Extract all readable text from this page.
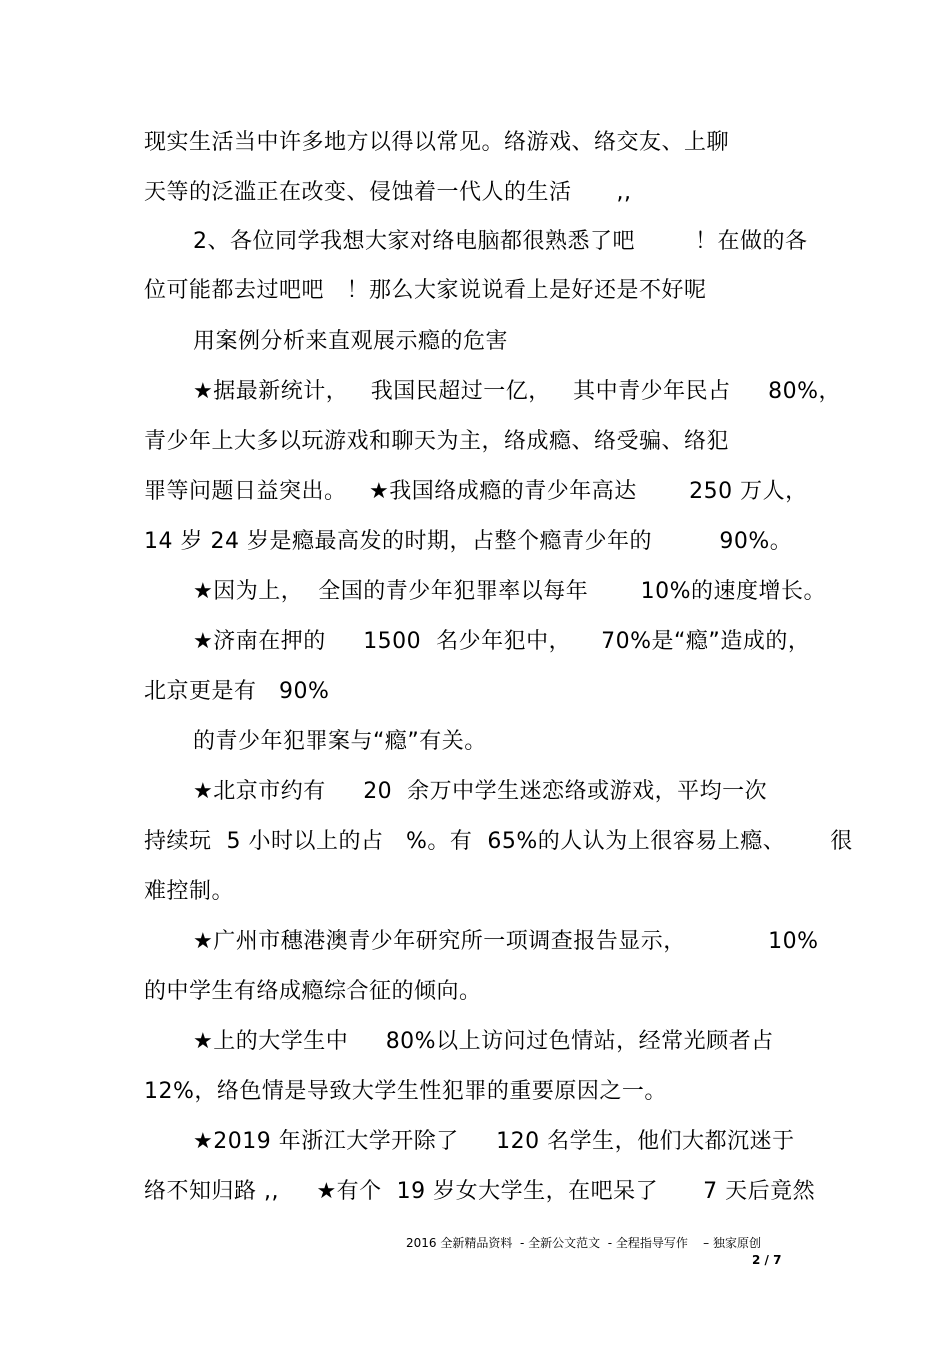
现实生活当中许多地方以得以常见。络游戏、络交友、上聊
天等的泛滥正在改变、侵蚀着一代人的生活      ,,
2、各位同学我想大家对络电脑都很熟悉了吧        ！在做的各
位可能都去过吧吧   ！那么大家说说看上是好还是不好呢
用案例分析来直观展示瘾的危害
★据最新统计，   我国民超过一亿，   其中青少年民占     80%，
青少年上大多以玩游戏和聊天为主，络成瘾、络受骗、络犯
罪等问题日益突出。   ★我国络成瘾的青少年高达       250 万人，
14 岁 24 岁是瘾最高发的时期，占整个瘾青少年的         90%。
★因为上，  全国的青少年犯罪率以每年       10%的速度增长。
★济南在押的     1500  名少年犯中，    70%是“瘾”造成的，
北京更是有   90%
的青少年犯罪案与“瘾”有关。
★北京市约有     20  余万中学生迷恋络或游戏，平均一次
持续玩  5 小时以上的占   %。有  65%的人认为上很容易上瘾、      很
难控制。
★广州市穗港澳青少年研究所一项调查报告显示，           10%
的中学生有络成瘾综合征的倾向。
★上的大学生中     80%以上访问过色情站，经常光顾者占
12%，络色情是导致大学生性犯罪的重要原因之一。
★2019 年浙江大学开除了     120 名学生，他们大都沉迷于
络不知归路 ,,     ★有个  19 岁女大学生，在吧呆了      7 天后竟然
2016 全新精品资料  - 全新公文范文  - 全程指导写作    – 独家原创
2 / 7
